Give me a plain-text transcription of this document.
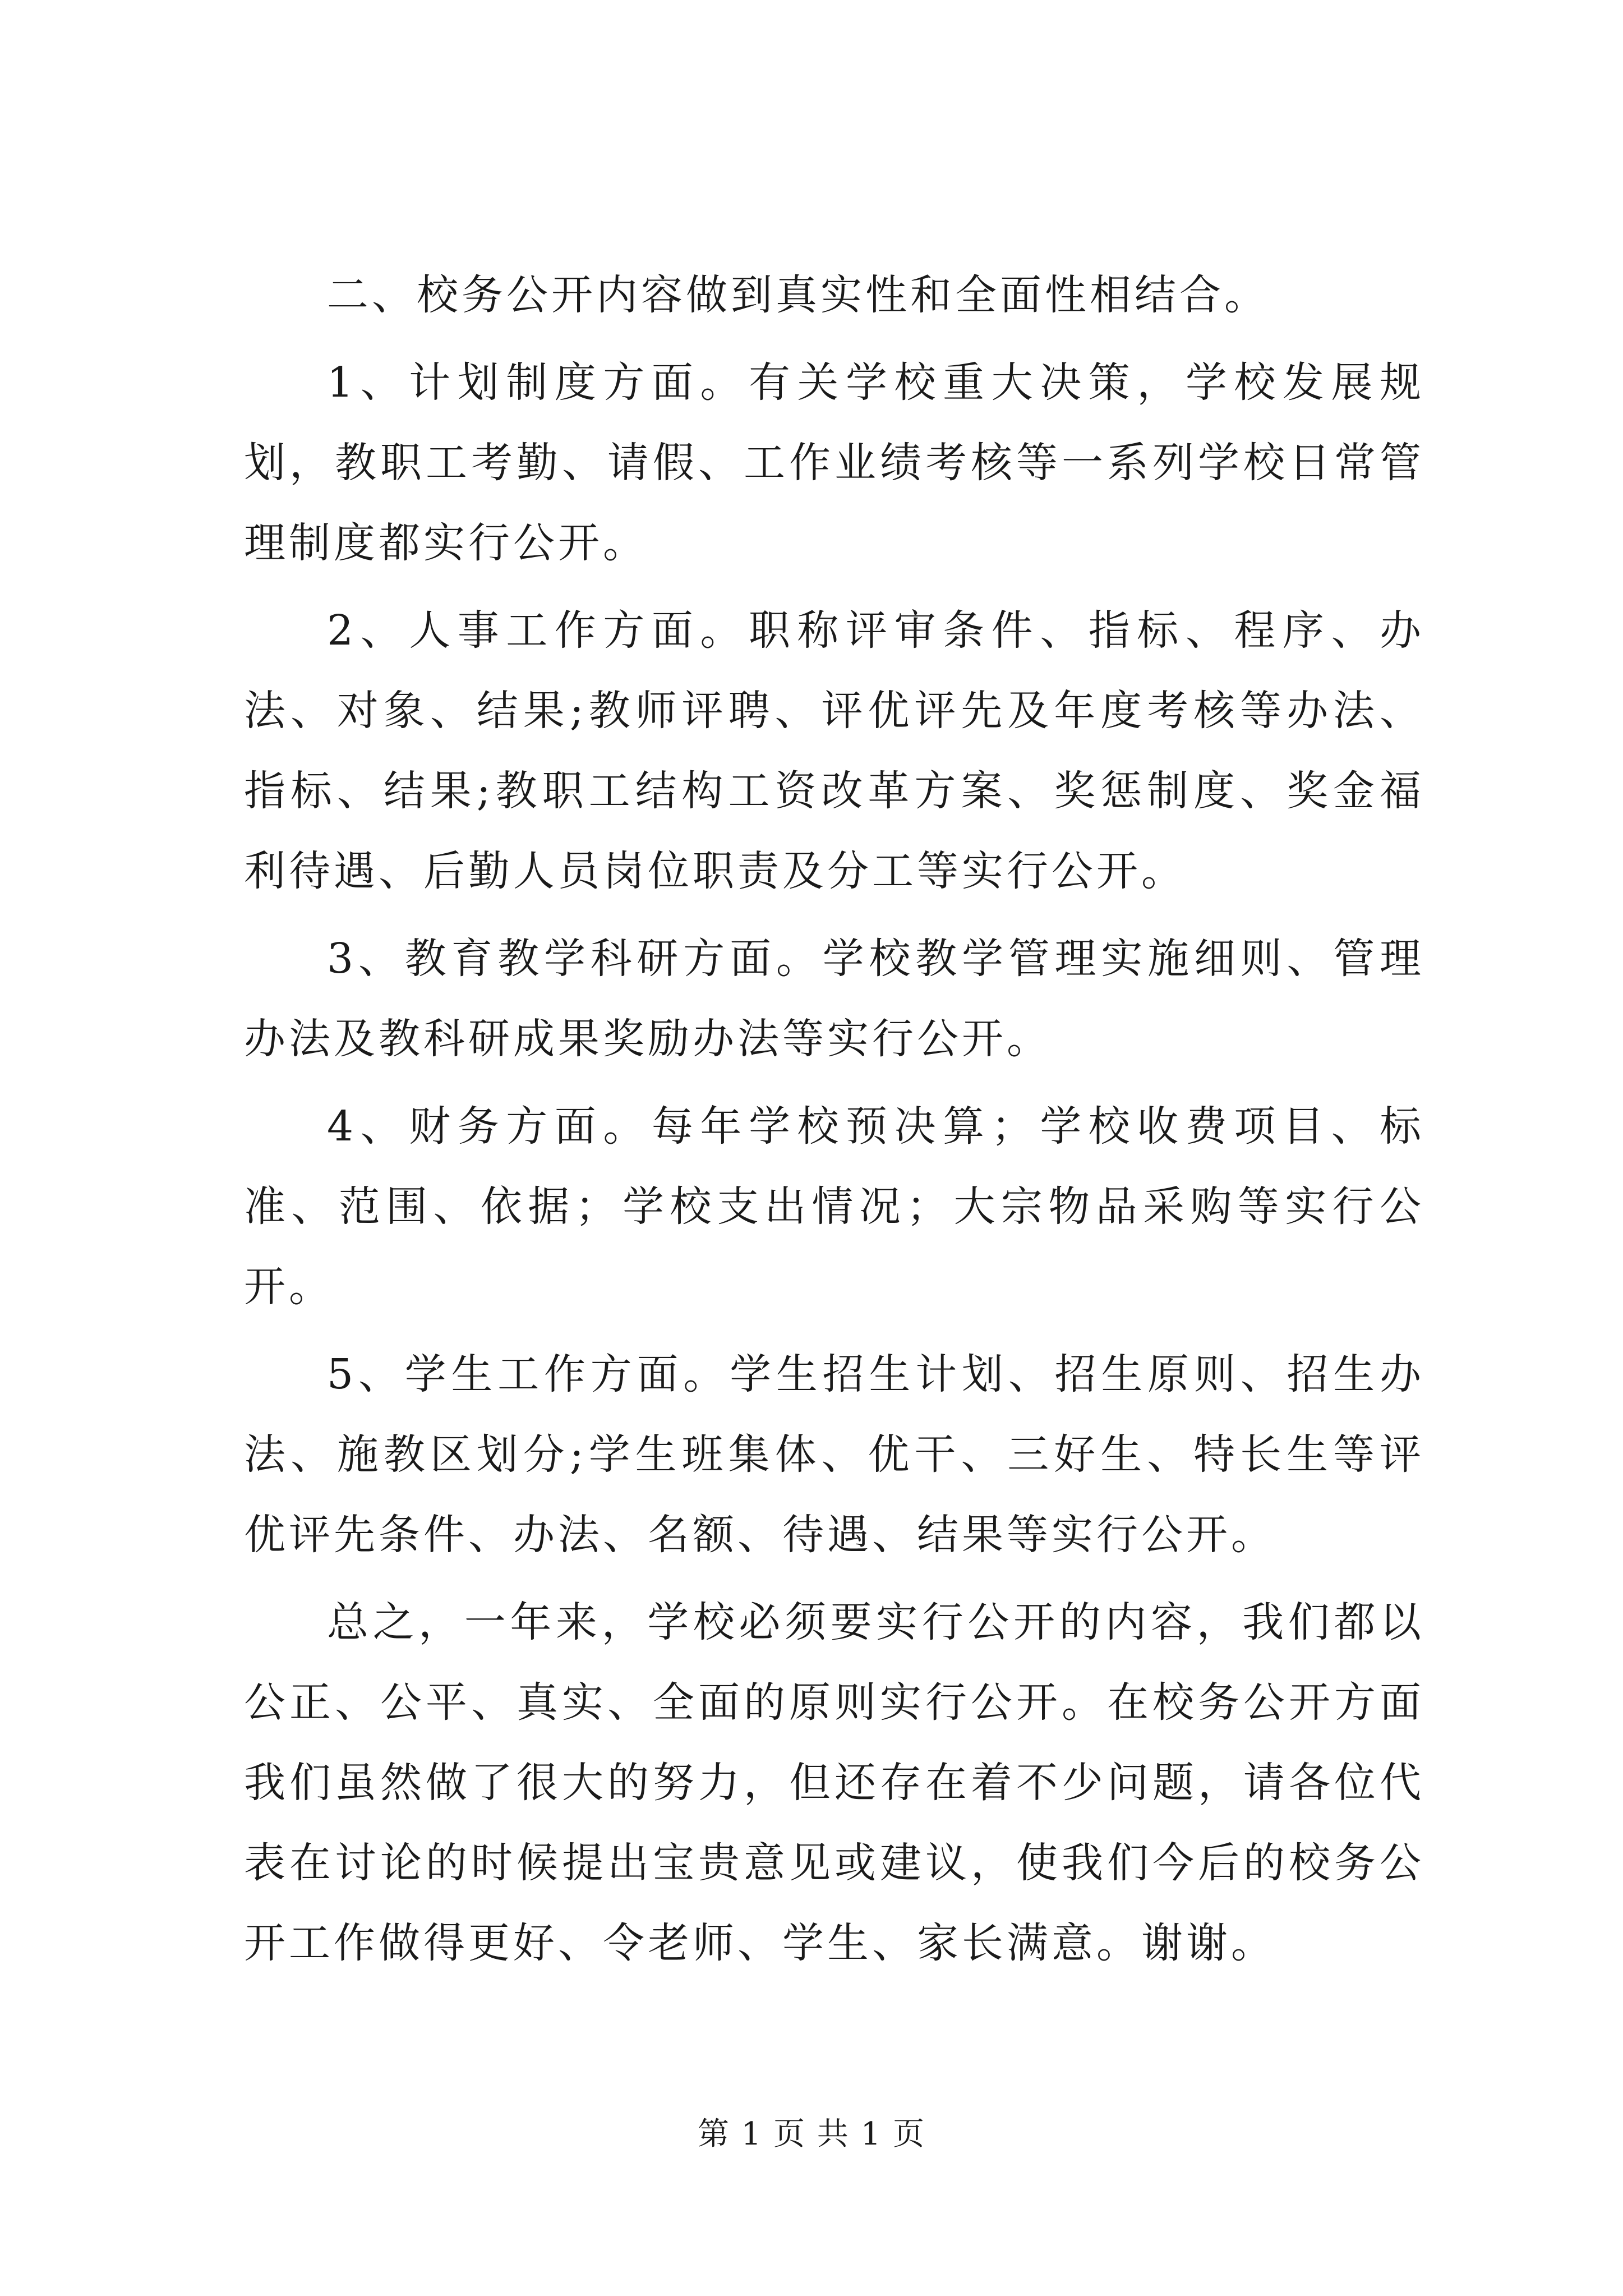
二、校务公开内容做到真实性和全面性相结合。

1、计划制度方面。有关学校重大决策，学校发展规划，教职工考勤、请假、工作业绩考核等一系列学校日常管理制度都实行公开。

2、人事工作方面。职称评审条件、指标、程序、办法、对象、结果;教师评聘、评优评先及年度考核等办法、指标、结果;教职工结构工资改革方案、奖惩制度、奖金福利待遇、后勤人员岗位职责及分工等实行公开。

3、教育教学科研方面。学校教学管理实施细则、管理办法及教科研成果奖励办法等实行公开。

4、财务方面。每年学校预决算；学校收费项目、标准、范围、依据；学校支出情况；大宗物品采购等实行公开。

5、学生工作方面。学生招生计划、招生原则、招生办法、施教区划分;学生班集体、优干、三好生、特长生等评优评先条件、办法、名额、待遇、结果等实行公开。

总之，一年来，学校必须要实行公开的内容，我们都以公正、公平、真实、全面的原则实行公开。在校务公开方面我们虽然做了很大的努力，但还存在着不少问题，请各位代表在讨论的时候提出宝贵意见或建议，使我们今后的校务公开工作做得更好、令老师、学生、家长满意。谢谢。

第 1 页 共 1 页
